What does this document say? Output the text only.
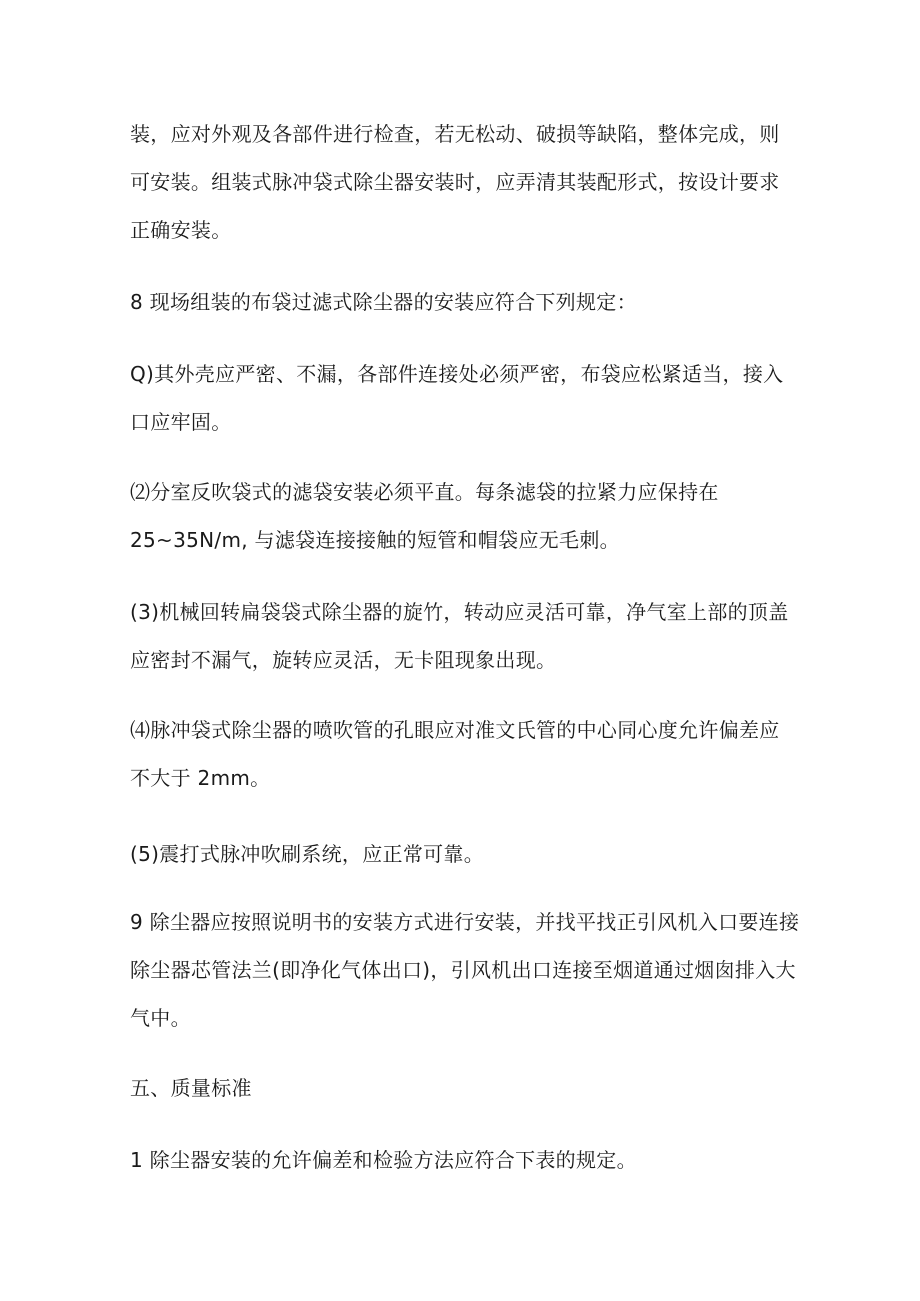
装，应对外观及各部件进行检查，若无松动、破损等缺陷，整体完成，则
可安装。组装式脉冲袋式除尘器安装时，应弄清其装配形式，按设计要求
正确安装。

8 现场组装的布袋过滤式除尘器的安装应符合下列规定：

Q)其外壳应严密、不漏，各部件连接处必须严密，布袋应松紧适当，接入
口应牢固。

⑵分室反吹袋式的滤袋安装必须平直。每条滤袋的拉紧力应保持在
25~35N/m, 与滤袋连接接触的短管和帽袋应无毛刺。

(3)机械回转扁袋袋式除尘器的旋竹，转动应灵活可靠，净气室上部的顶盖
应密封不漏气，旋转应灵活，无卡阻现象出现。

⑷脉冲袋式除尘器的喷吹管的孔眼应对准文氏管的中心同心度允许偏差应
不大于 2mm。

(5)震打式脉冲吹刷系统，应正常可靠。

9 除尘器应按照说明书的安装方式进行安装，并找平找正引风机入口要连接
除尘器芯管法兰(即净化气体出口)，引风机出口连接至烟道通过烟囱排入大
气中。

五、质量标准

1 除尘器安装的允许偏差和检验方法应符合下表的规定。
